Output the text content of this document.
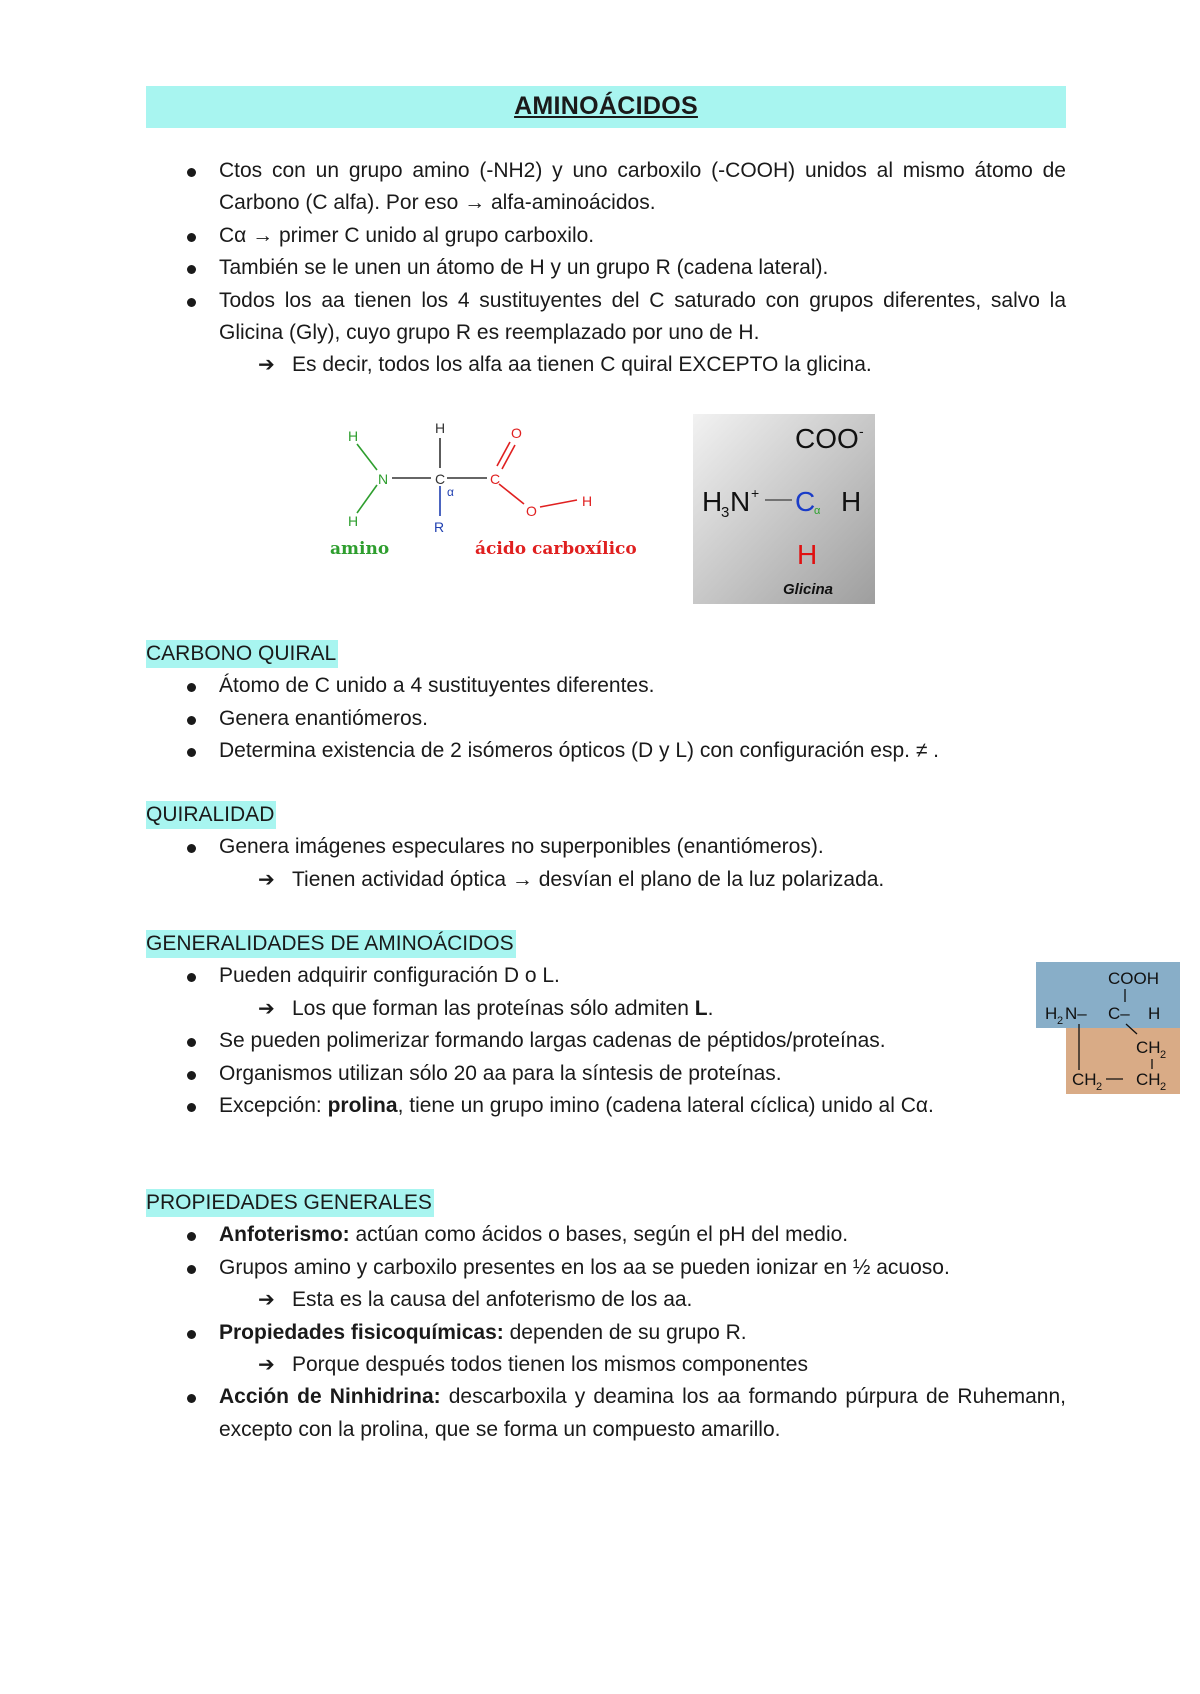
AMINOÁCIDOS
Ctos con un grupo amino (-NH2) y uno carboxilo (-COOH) unidos al mismo átomo de Carbono (C alfa). Por eso → alfa-aminoácidos.
Cα → primer C unido al grupo carboxilo.
También se le unen un átomo de H y un grupo R (cadena lateral).
Todos los aa tienen los 4 sustituyentes del C saturado con grupos diferentes, salvo la Glicina (Gly), cuyo grupo R es reemplazado por uno de H.
➔ Es decir, todos los alfa aa tienen C quiral EXCEPTO la glicina.
H
H
N
H
C
α
R
C
O
O
H
amino	ácido carboxílico
COO -
H
3 N + C
α H
H
Glicina
CARBONO QUIRAL
Átomo de C unido a 4 sustituyentes diferentes.
Genera enantiómeros.
Determina existencia de 2 isómeros ópticos (D y L) con configuración esp. ≠ .
QUIRALIDAD
Genera imágenes especulares no superponibles (enantiómeros).
➔ Tienen actividad óptica → desvían el plano de la luz polarizada.
GENERALIDADES DE AMINOÁCIDOS
Pueden adquirir configuración D o L.
➔ Los que forman las proteínas sólo admiten L.
Se pueden polimerizar formando largas cadenas de péptidos/proteínas.
Organismos utilizan sólo 20 aa para la síntesis de proteínas.
Excepción: prolina, tiene un grupo imino (cadena lateral cíclica) unido al Cα.
COOH
H 2 N– C– H
CH 2
CH 2 CH 2
PROPIEDADES GENERALES
Anfoterismo: actúan como ácidos o bases, según el pH del medio.
Grupos amino y carboxilo presentes en los aa se pueden ionizar en ½ acuoso.
➔ Esta es la causa del anfoterismo de los aa.
Propiedades fisicoquímicas: dependen de su grupo R.
➔ Porque después todos tienen los mismos componentes
Acción de Ninhidrina: descarboxila y deamina los aa formando púrpura de Ruhemann, excepto con la prolina, que se forma un compuesto amarillo.
